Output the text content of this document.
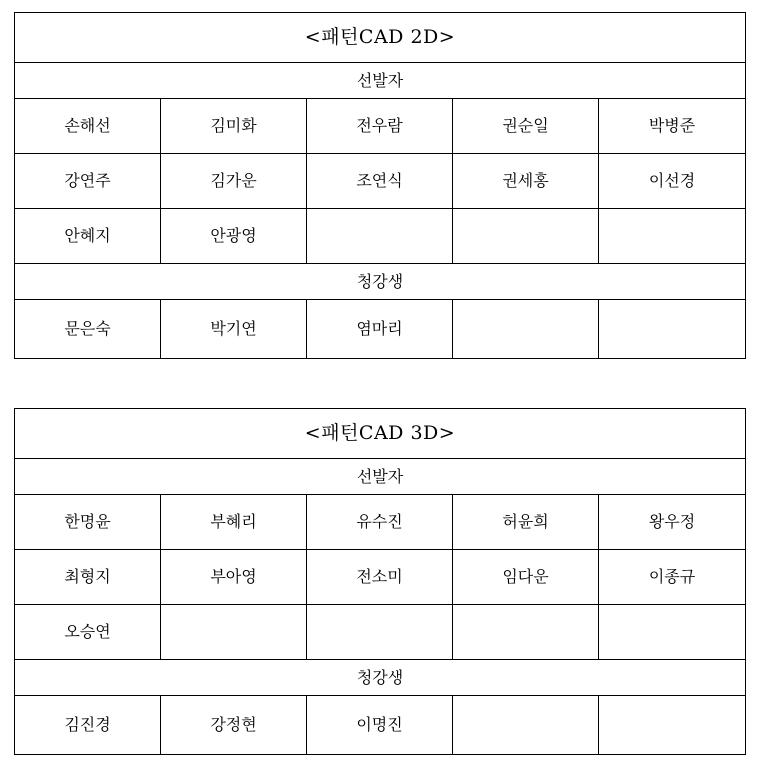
<패턴CAD 2D>				
선발자				
손해선	김미화	전우람	권순일	박병준
강연주	김가운	조연식	권세홍	이선경
안혜지	안광영			
청강생				
문은숙	박기연	염마리		
<패턴CAD 3D>				
선발자				
한명윤	부혜리	유수진	허윤희	왕우정
최형지	부아영	전소미	임다운	이종규
오승연				
청강생				
김진경	강정현	이명진		
